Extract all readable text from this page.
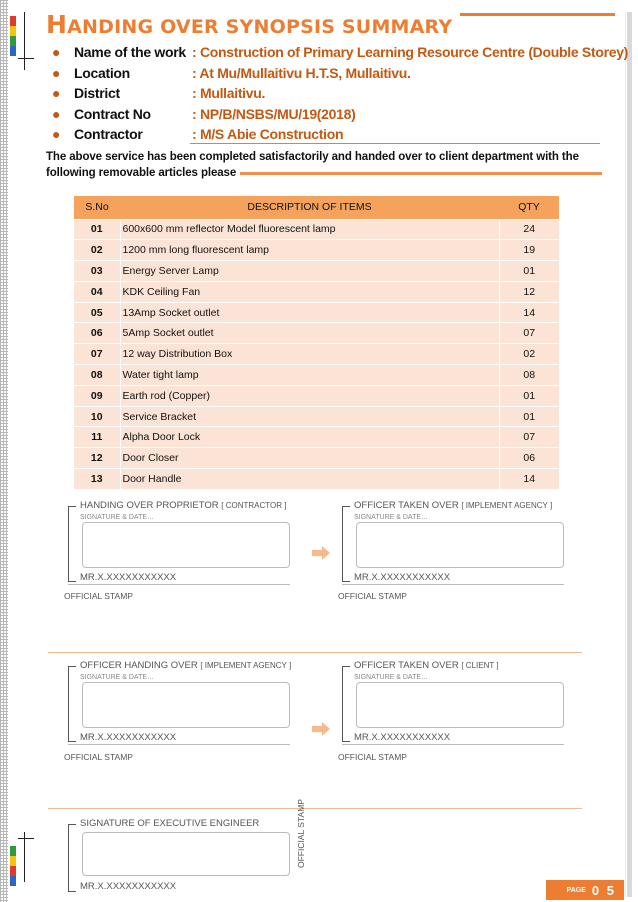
HANDING OVER SYNOPSIS SUMMARY
● Name of the work : Construction of Primary Learning Resource Centre (Double Storey)
● Location	: At Mu/Mullaitivu H.T.S, Mullaitivu.
● District	: Mullaitivu.
● Contract No	: NP/B/NSBS/MU/19(2018)
● Contractor	: M/S Abie Construction
The above service has been completed satisfactorily and handed over to client department with the following removable articles please
S.No	DESCRIPTION OF ITEMS	QTY
01	600x600 mm reflector Model fluorescent lamp	24
02	1200 mm long fluorescent lamp	19
03	Energy Server Lamp	01
04	KDK Ceiling Fan	12
05	13Amp Socket outlet	14
06	5Amp Socket outlet	07
07	12 way Distribution Box	02
08	Water tight lamp	08
09	Earth rod (Copper)	01
10	Service Bracket	01
11	Alpha Door Lock	07
12	Door Closer	06
13	Door Handle	14
HANDING OVER PROPRIETOR [ CONTRACTOR ]
SIGNATURE & DATE…
MR.X.XXXXXXXXXXX
OFFICIAL STAMP
OFFICER TAKEN OVER [ IMPLEMENT AGENCY ]
SIGNATURE & DATE…
MR.X.XXXXXXXXXXX
OFFICIAL STAMP
OFFICER HANDING OVER [ IMPLEMENT AGENCY ]
SIGNATURE & DATE…
MR.X.XXXXXXXXXXX
OFFICIAL STAMP
OFFICER TAKEN OVER [ CLIENT ]
SIGNATURE & DATE…
MR.X.XXXXXXXXXXX
OFFICIAL STAMP
SIGNATURE OF EXECUTIVE ENGINEER
MR.X.XXXXXXXXXXX
OFFICIAL STAMP
PAGE 0 5
